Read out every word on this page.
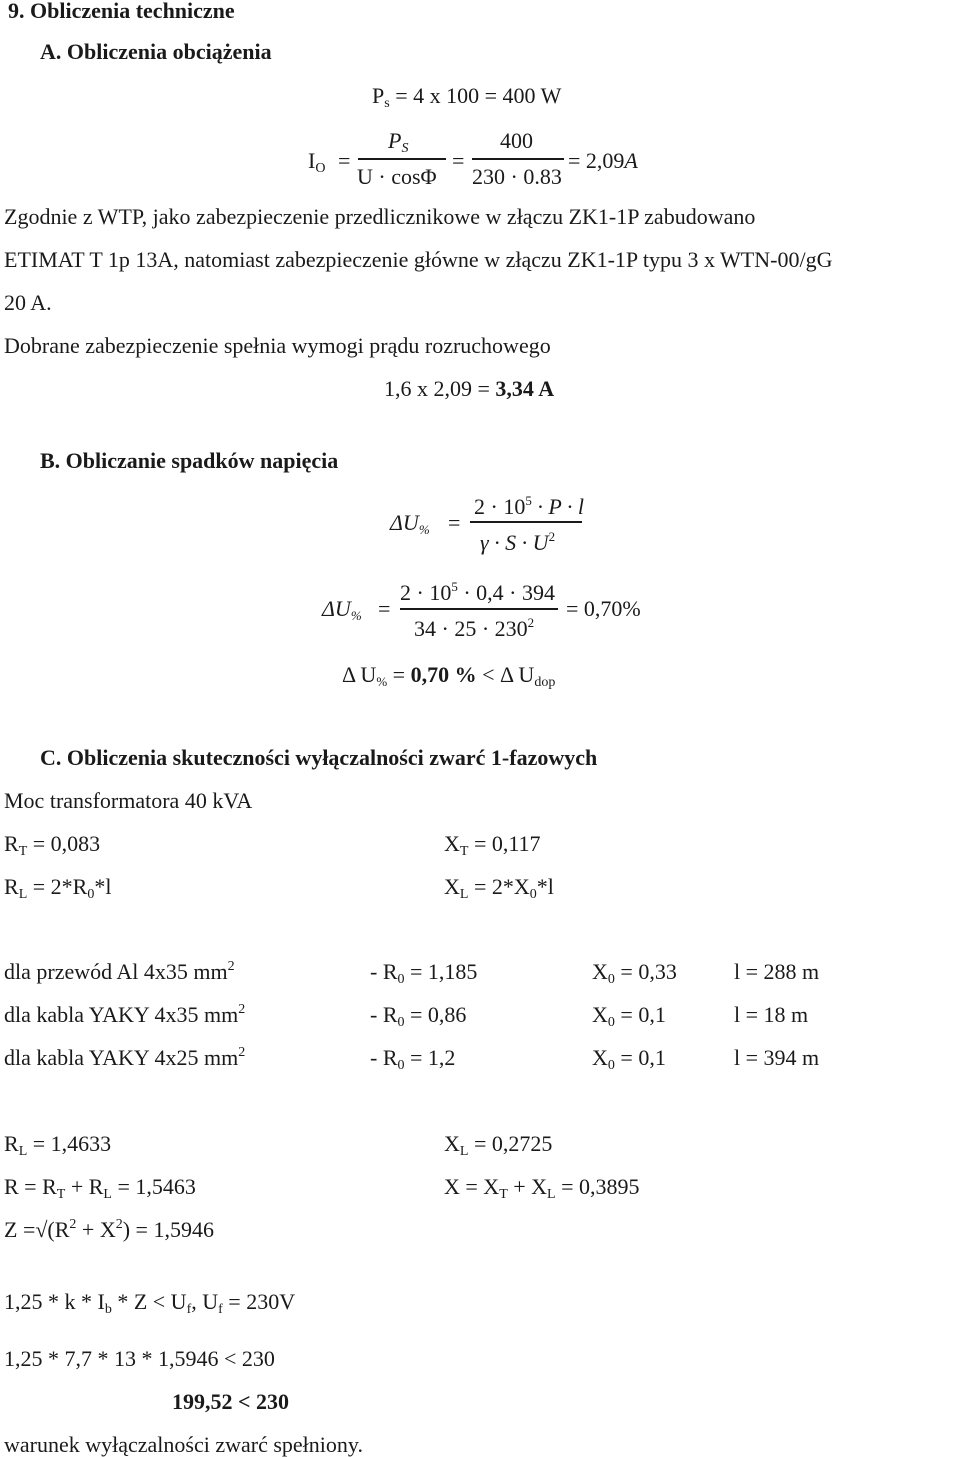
9. Obliczenia techniczne
A. Obliczenia obciążenia
$P_s = 4$ x 100 = 400 W
$I_O$ =
$P_S$
U · cosΦ
=
400
230 · 0.83
= 2,09A
Zgodnie z WTP, jako zabezpieczenie przedlicznikowe w złączu ZK1-1P zabudowano
ETIMAT T 1p 13A, natomiast zabezpieczenie główne w złączu ZK1-1P typu 3 x WTN-00/gG
20 A.
Dobrane zabezpieczenie spełnia wymogi prądu rozruchowego
1,6 x 2,09 = 3,34 A
B. Obliczanie spadków napięcia
$\Delta U_{\%}$ =
$2 \cdot 10^5 \cdot P \cdot l$
$\gamma \cdot S \cdot U^2$
$\Delta U_{\%}$ =
$2 \cdot 10^5 \cdot 0,4 \cdot 394$
$34 \cdot 25 \cdot 230^2$
= 0,70%
Δ $U_{\%} = 0,70$ % < Δ $U_{dop}$
C. Obliczenia skuteczności wyłączalności zwarć 1-fazowych
Moc transformatora 40 kVA
$R_T = 0,083$	$X_T = 0,117$
$R_L = 2*R_0*l$	$X_L = 2*X_0*l$
dla przewód Al 4x35 $mm^2$	- $R_0 = 1,185$	$X_0 = 0,33$	l = 288 m
dla kabla YAKY 4x35 $mm^2$	- $R_0 = 0,86$	$X_0 = 0,1$	l = 18 m
dla kabla YAKY 4x25 $mm^2$	- $R_0 = 1,2$	$X_0 = 0,1$	l = 394 m
$R_L = 1,4633$	$X_L = 0,2725$
$R = R_T + R_L = 1,5463$	$X = X_T + X_L = 0,3895$
$Z =√(R^2 + X^2) = 1,5946$
$1,25 * k * I_b * Z < U_f$, $U_f = 230V$
1,25 * 7,7 * 13 * 1,5946 < 230
199,52 < 230
warunek wyłączalności zwarć spełniony.
